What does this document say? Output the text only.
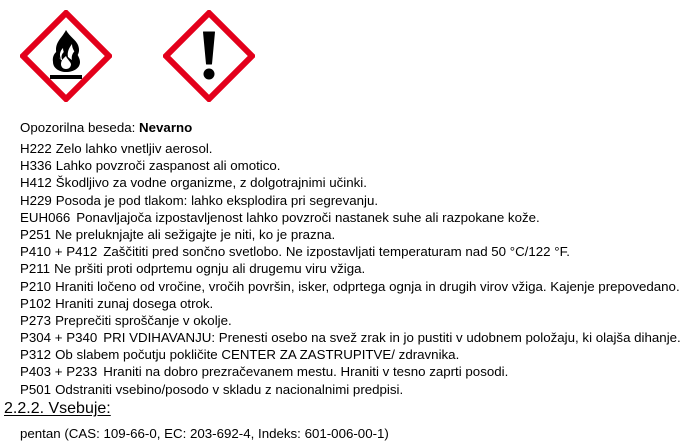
Opozorilna beseda: Nevarno
H222 Zelo lahko vnetljiv aerosol.
H336 Lahko povzroči zaspanost ali omotico.
H412 Škodljivo za vodne organizme, z dolgotrajnimi učinki.
H229 Posoda je pod tlakom: lahko eksplodira pri segrevanju.
EUH066 Ponavljajoča izpostavljenost lahko povzroči nastanek suhe ali razpokane kože.
P251 Ne preluknjajte ali sežigajte je niti, ko je prazna.
P410 + P412 Zaščititi pred sončno svetlobo. Ne izpostavljati temperaturam nad 50 °C/122 °F.
P211 Ne pršiti proti odprtemu ognju ali drugemu viru vžiga.
P210 Hraniti ločeno od vročine, vročih površin, isker, odprtega ognja in drugih virov vžiga. Kajenje prepovedano.
P102 Hraniti zunaj dosega otrok.
P273 Preprečiti sproščanje v okolje.
P304 + P340 PRI VDIHAVANJU: Prenesti osebo na svež zrak in jo pustiti v udobnem položaju, ki olajša dihanje.
P312 Ob slabem počutju pokličite CENTER ZA ZASTRUPITVE/ zdravnika.
P403 + P233 Hraniti na dobro prezračevanem mestu. Hraniti v tesno zaprti posodi.
P501 Odstraniti vsebino/posodo v skladu z nacionalnimi predpisi.
2.2.2. Vsebuje:
pentan (CAS: 109-66-0, EC: 203-692-4, Indeks: 601-006-00-1)
